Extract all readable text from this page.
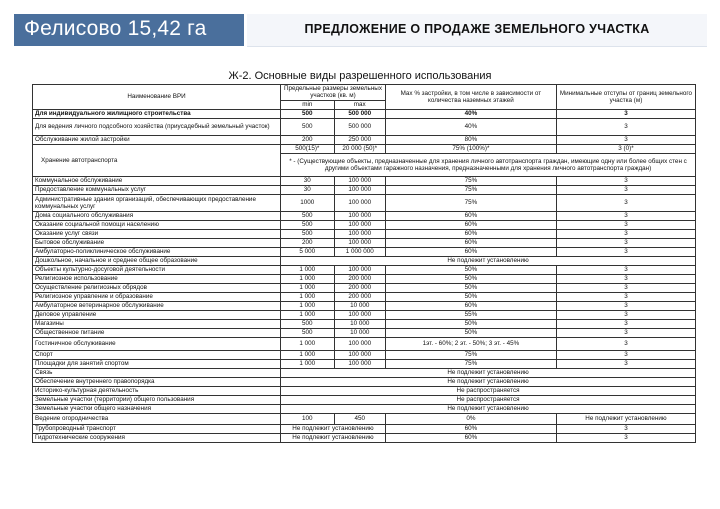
Фелисово 15,42 га	ПРЕДЛОЖЕНИЕ О ПРОДАЖЕ ЗЕМЕЛЬНОГО УЧАСТКА
Ж-2. Основные виды разрешенного использования
Наименование ВРИ	Предельные размеры земельных участков (кв. м)		Max % застройки, в том числе в зависимости от количества наземных этажей	Минимальные отступы от границ земельного участка (м)
	min	max		
Для индивидуального жилищного строительства	500	500 000	40%	3
Для ведения личного подсобного хозяйства (приусадебный земельный участок)	500	500 000	40%	3
Обслуживание жилой застройки	200	250 000	80%	3
Хранение автотранспорта	500(15)*	20 000 (50)*	75% (100%)*	3 (0)*
	* - (Существующие объекты, предназначенные для хранения личного автотранспорта граждан, имеющие одну или более общих стен с другими объектами гаражного назначения, предназначенными для хранения личного автотранспорта граждан)			
Коммунальное обслуживание	30	100 000	75%	3
Предоставление коммунальных услуг	30	100 000	75%	3
Административные здания организаций, обеспечивающих предоставление коммунальных услуг	1000	100 000	75%	3
Дома социального обслуживания	500	100 000	60%	3
Оказание социальной помощи населению	500	100 000	60%	3
Оказание услуг связи	500	100 000	60%	3
Бытовое обслуживание	200	100 000	60%	3
Амбулаторно-поликлиническое обслуживание	5 000	1 000 000	60%	3
Дошкольное, начальное и среднее общее образование	Не подлежит установлению			
Объекты культурно-досуговой деятельности	1 000	100 000	50%	3
Религиозное использование	1 000	200 000	50%	3
Осуществление религиозных обрядов	1 000	200 000	50%	3
Религиозное управление и образование	1 000	200 000	50%	3
Амбулаторное ветеринарное обслуживание	1 000	10 000	60%	3
Деловое управление	1 000	100 000	55%	3
Магазины	500	10 000	50%	3
Общественное питание	500	10 000	50%	3
Гостиничное обслуживание	1 000	100 000	1эт. - 60%; 2 эт. - 50%; 3 эт. - 45%	3
Спорт	1 000	100 000	75%	3
Площадки для занятий спортом	1 000	100 000	75%	3
Связь	Не подлежит установлению			
Обеспечение внутреннего правопорядка	Не подлежит установлению			
Историко-культурная деятельность	Не распространяется			
Земельные участки (территории) общего пользования	Не распространяется			
Земельные участки общего назначения	Не подлежит установлению			
Ведение огородничества	100	450	0%	Не подлежит установлению
Трубопроводный транспорт	Не подлежит установлению		60%	3
Гидротехнические сооружения	Не подлежит установлению		60%	3
